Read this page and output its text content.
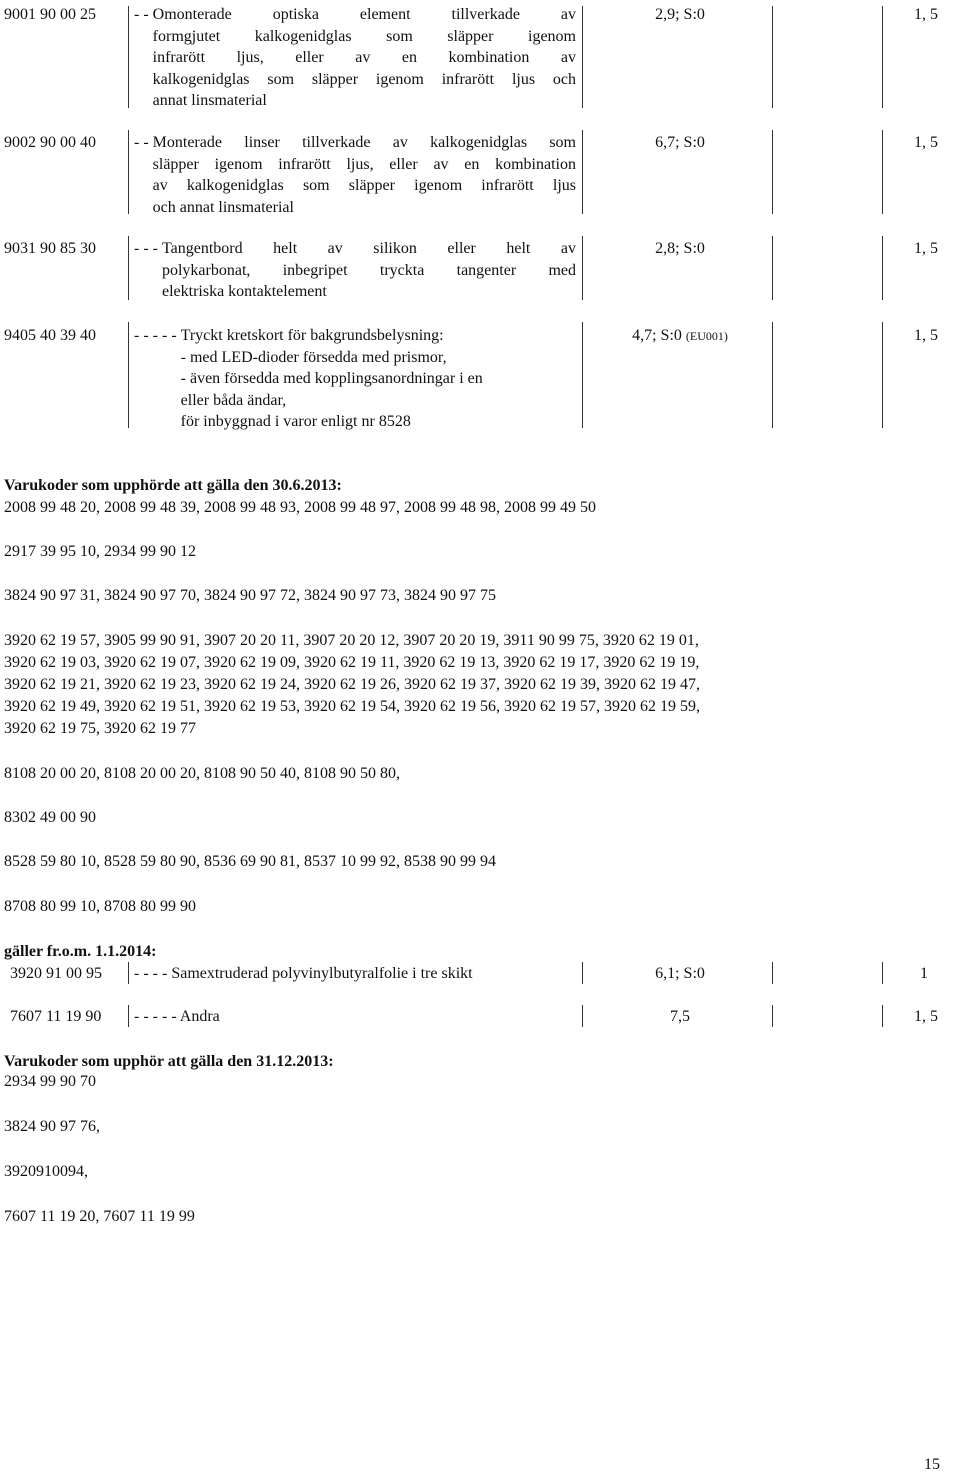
9001 90 00 25	- - Omonterade optiska element tillverkade av
formgjutet kalkogenidglas som släpper igenom
infrarött ljus, eller av en kombination av
kalkogenidglas som släpper igenom infrarött ljus och
annat linsmaterial
2,9; S:0	1, 5
9002 90 00 40	- - Monterade linser tillverkade av kalkogenidglas som
släpper igenom infrarött ljus, eller av en kombination
av kalkogenidglas som släpper igenom infrarött ljus
och annat linsmaterial
6,7; S:0	1, 5
9031 90 85 30	- - - Tangentbord helt av silikon eller helt av
polykarbonat, inbegripet tryckta tangenter med
elektriska kontaktelement
2,8; S:0	1, 5
9405 40 39 40	- - - - - Tryckt kretskort för bakgrundsbelysning:
- med LED-dioder försedda med prismor,
- även försedda med kopplingsanordningar i en
eller båda ändar,
för inbyggnad i varor enligt nr 8528
4,7; S:0 (EU001)	1, 5
Varukoder som upphörde att gälla den 30.6.2013:
2008 99 48 20, 2008 99 48 39, 2008 99 48 93, 2008 99 48 97, 2008 99 48 98, 2008 99 49 50
2917 39 95 10, 2934 99 90 12
3824 90 97 31, 3824 90 97 70, 3824 90 97 72, 3824 90 97 73, 3824 90 97 75
3920 62 19 57, 3905 99 90 91, 3907 20 20 11, 3907 20 20 12, 3907 20 20 19, 3911 90 99 75, 3920 62 19 01,
3920 62 19 03, 3920 62 19 07, 3920 62 19 09, 3920 62 19 11, 3920 62 19 13, 3920 62 19 17, 3920 62 19 19,
3920 62 19 21, 3920 62 19 23, 3920 62 19 24, 3920 62 19 26, 3920 62 19 37, 3920 62 19 39, 3920 62 19 47,
3920 62 19 49, 3920 62 19 51, 3920 62 19 53, 3920 62 19 54, 3920 62 19 56, 3920 62 19 57, 3920 62 19 59,
3920 62 19 75, 3920 62 19 77
8108 20 00 20, 8108 20 00 20, 8108 90 50 40, 8108 90 50 80,
8302 49 00 90
8528 59 80 10, 8528 59 80 90, 8536 69 90 81, 8537 10 99 92, 8538 90 99 94
8708 80 99 10, 8708 80 99 90
gäller fr.o.m. 1.1.2014:
3920 91 00 95 - - - - Samextruderad polyvinylbutyralfolie i tre skikt	6,1; S:0	1
7607 11 19 90 - - - - - Andra	7,5	1, 5
Varukoder som upphör att gälla den 31.12.2013:
2934 99 90 70
3824 90 97 76,
3920910094,
7607 11 19 20, 7607 11 19 99
15
